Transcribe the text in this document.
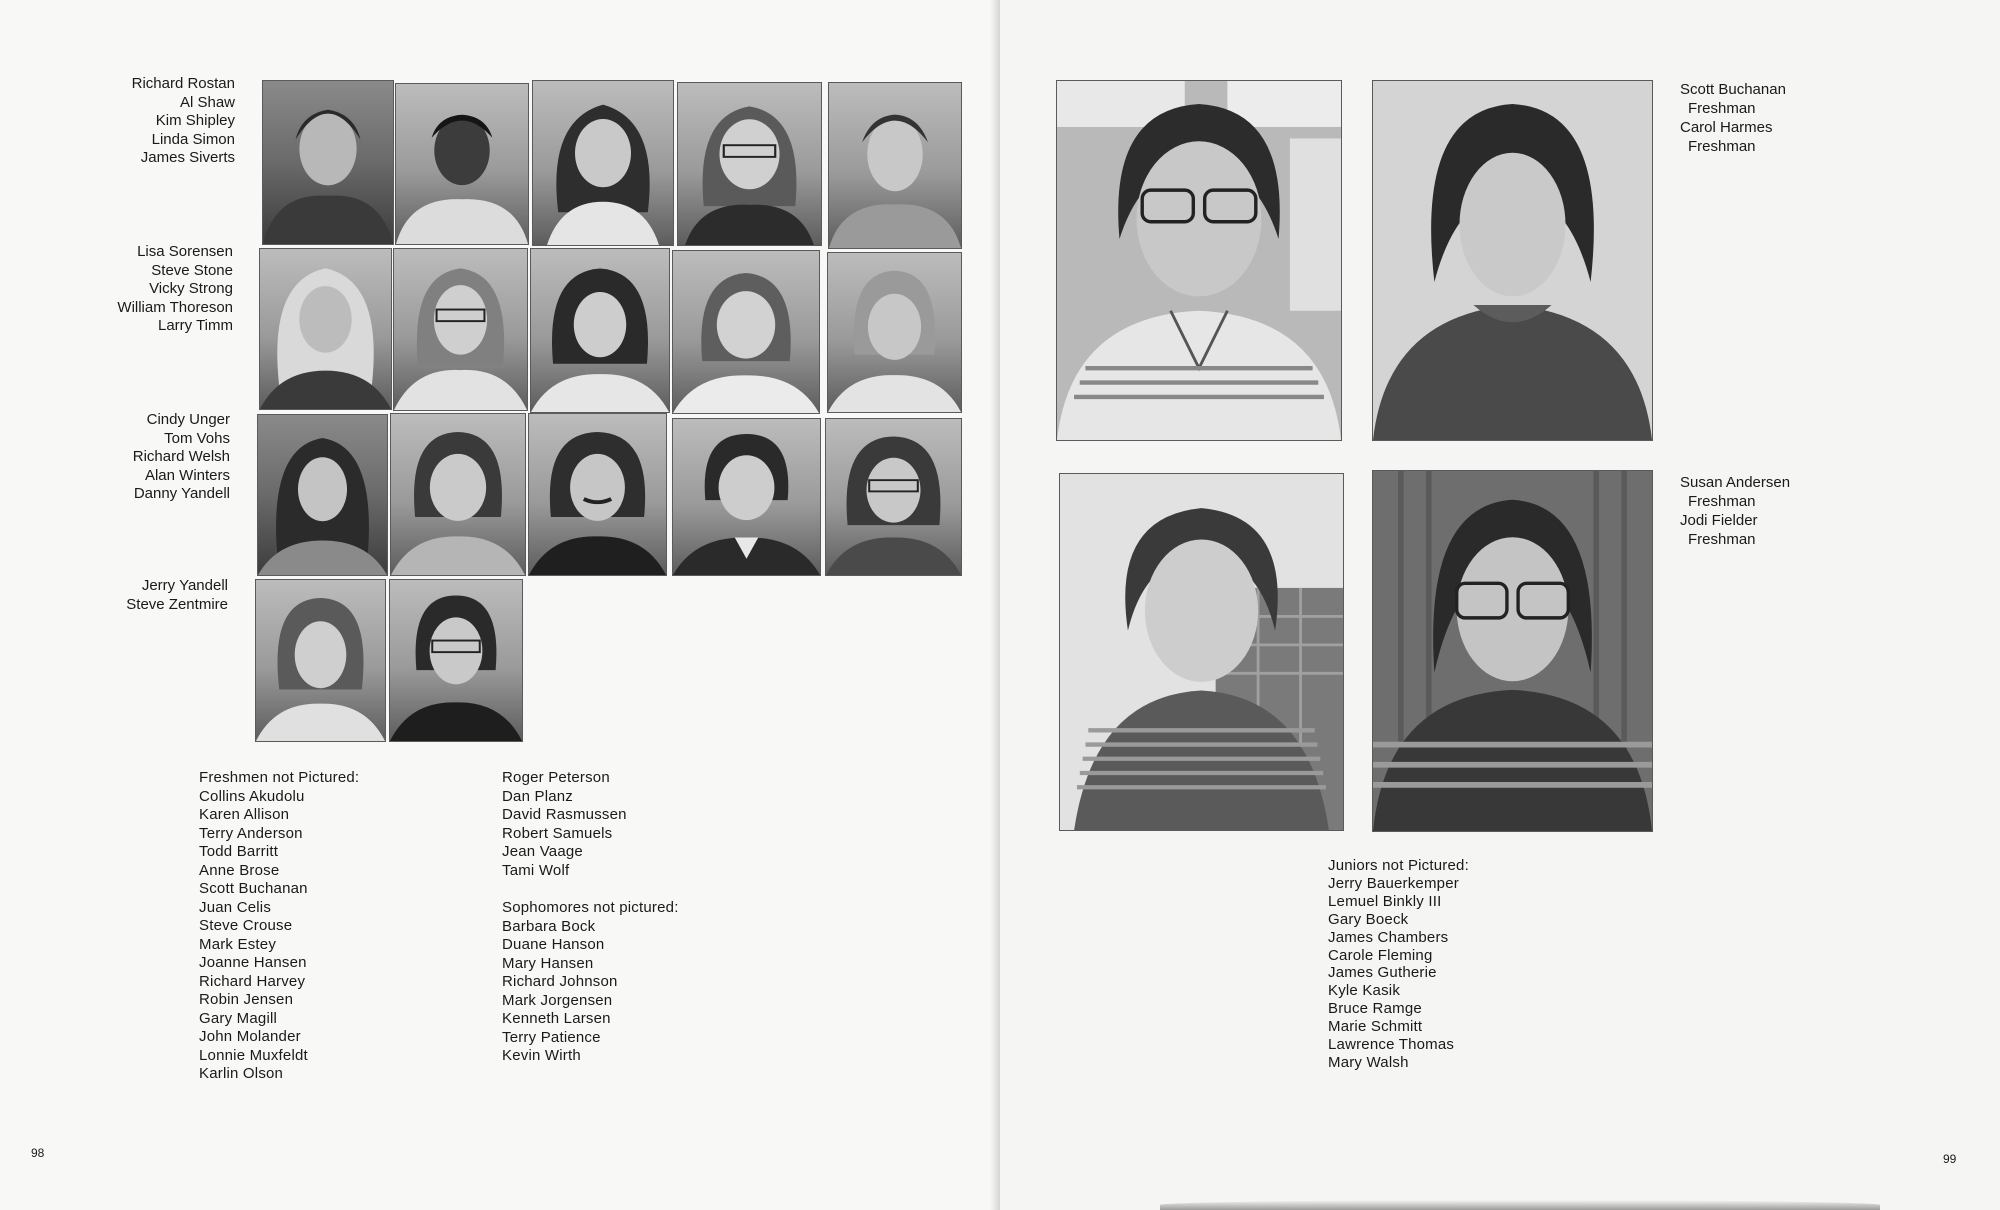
Richard Rostan
Al Shaw
Kim Shipley
Linda Simon
James Siverts
Lisa Sorensen
Steve Stone
Vicky Strong
William Thoreson
Larry Timm
Cindy Unger
Tom Vohs
Richard Welsh
Alan Winters
Danny Yandell
Jerry Yandell
Steve Zentmire
Freshmen not Pictured:
Collins Akudolu
Karen Allison
Terry Anderson
Todd Barritt
Anne Brose
Scott Buchanan
Juan Celis
Steve Crouse
Mark Estey
Joanne Hansen
Richard Harvey
Robin Jensen
Gary Magill
John Molander
Lonnie Muxfeldt
Karlin Olson
Roger Peterson
Dan Planz
David Rasmussen
Robert Samuels
Jean Vaage
Tami Wolf
Sophomores not pictured:
Barbara Bock
Duane Hanson
Mary Hansen
Richard Johnson
Mark Jorgensen
Kenneth Larsen
Terry Patience
Kevin Wirth
98
Scott Buchanan
Freshman
Carol Harmes
Freshman
Susan Andersen
Freshman
Jodi Fielder
Freshman
Juniors not Pictured:
Jerry Bauerkemper
Lemuel Binkly III
Gary Boeck
James Chambers
Carole Fleming
James Gutherie
Kyle Kasik
Bruce Ramge
Marie Schmitt
Lawrence Thomas
Mary Walsh
99
